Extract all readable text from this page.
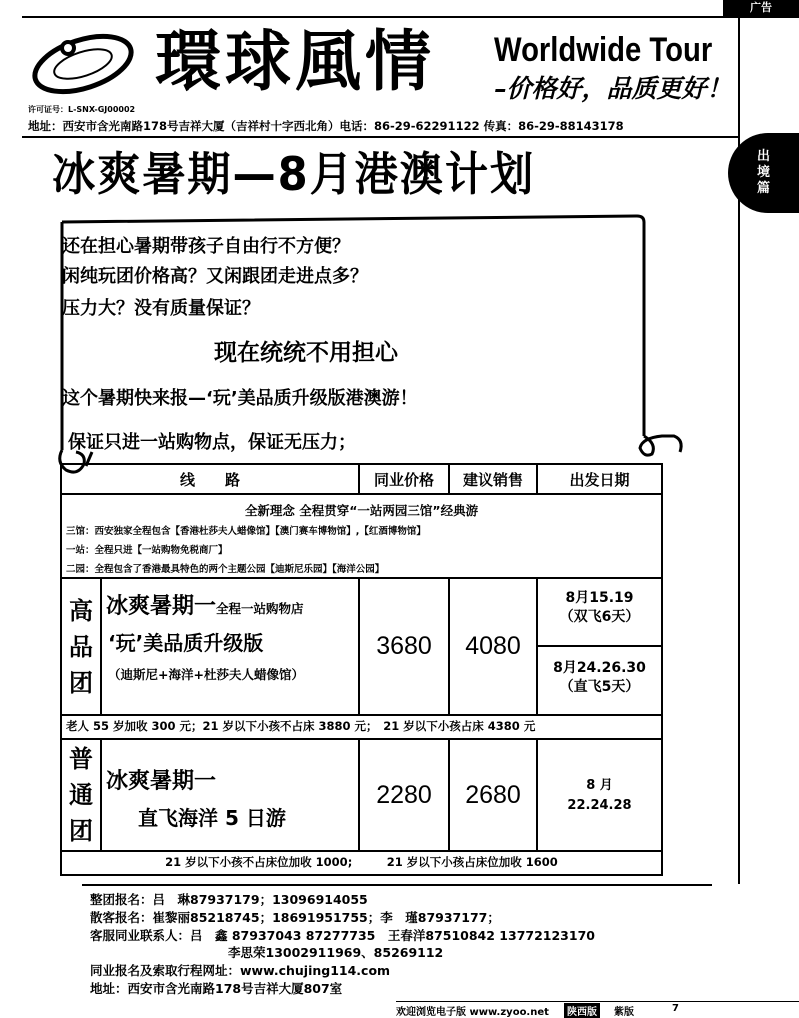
广告
出
境
篇
環球風情 Worldwide Tour
–价格好，品质更好！
许可证号：L-SNX-GJ00002
地址：西安市含光南路178号吉祥大厦（吉祥村十字西北角）电话：86-29-62291122 传真：86-29-88143178
冰爽暑期—8月港澳计划
还在担心暑期带孩子自由行不方便？
闲纯玩团价格高？又闲跟团走进点多？
压力大？没有质量保证？
现在统统不用担心
这个暑期快来报—‘玩’美品质升级版港澳游！
保证只进一站购物点，保证无压力；
线　　路	同业价格	建议销售	出发日期
全新理念 全程贯穿“一站两园三馆”经典游
三馆：西安独家全程包含【香港杜莎夫人蜡像馆】【澳门赛车博物馆】,【红酒博物馆】
一站：全程只进【一站购物免税商厂】
二园：全程包含了香港最具特色的两个主题公园【迪斯尼乐园】【海洋公园】
高
品
团
冰爽暑期一全程一站购物店
‘玩’美品质升级版
（迪斯尼+海洋+杜莎夫人蜡像馆）
3680	4080
8月15.19
（双飞6天）
8月24.26.30
（直飞5天）
老人 55 岁加收 300 元；21 岁以下小孩不占床 3880 元；　21 岁以下小孩占床 4380 元
普
通
团
冰爽暑期一
直飞海洋 5 日游
2280	2680	8 月
22.24.28
21 岁以下小孩不占床位加收 1000;　　　21 岁以下小孩占床位加收 1600
整团报名：吕　琳87937179；13096914055
散客报名：崔黎丽85218745；18691951755；李　瑾87937177；
客服同业联系人：吕　鑫 87937043 87277735　王春洋87510842 13772123170
李思荣13002911969、85269112
同业报名及索取行程网址：www.chujing114.com
地址：西安市含光南路178号吉祥大厦807室
欢迎浏览电子版 www.zyoo.net	陕西版	紫版	7
